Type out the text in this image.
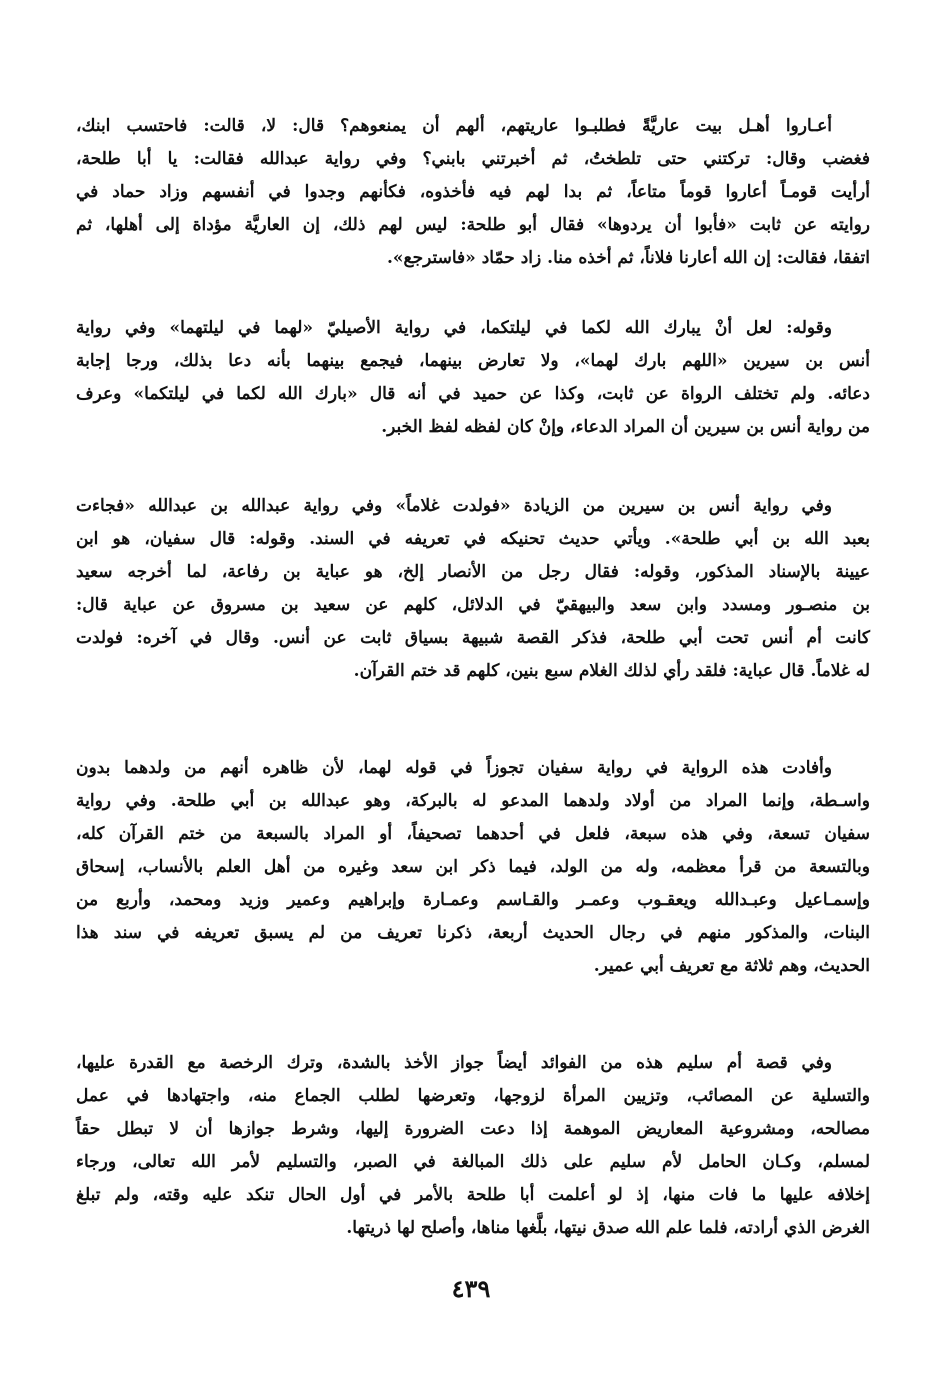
أعـاروا أهـل بيت عاريَّةً فطلبـوا عاريتهم، ألهم أن يمنعوهم؟ قال: لا، قالت: فاحتسب ابنك،
فغضب وقال: تركتني حتى تلطختُ، ثم أخبرتني بابني؟ وفي رواية عبدالله فقالت: يا أبا طلحة،
أرأيت قومـاً أعاروا قوماً متاعاً، ثم بدا لهم فيه فأخذوه، فكأنهم وجدوا في أنفسهم وزاد حماد في
روايته عن ثابت «فأبوا أن يردوها» فقال أبو طلحة: ليس لهم ذلك، إن العاريَّة مؤداة إلى أهلها، ثم
اتفقا، فقالت: إن الله أعارنا فلاناً، ثم أخذه منا. زاد حمّاد «فاسترجع».
وقوله: لعل أنْ يبارك الله لكما في ليلتكما، في رواية الأصيليّ «لهما في ليلتهما» وفي رواية
أنس بن سيرين «اللهم بارك لهما»، ولا تعارض بينهما، فيجمع بينهما بأنه دعا بذلك، ورجا إجابة
دعائه. ولم تختلف الرواة عن ثابت، وكذا عن حميد في أنه قال «بارك الله لكما في ليلتكما» وعرف
من رواية أنس بن سيرين أن المراد الدعاء، وإنْ كان لفظه لفظ الخبر.
وفي رواية أنس بن سيرين من الزيادة «فولدت غلاماً» وفي رواية عبدالله بن عبدالله «فجاءت
بعبد الله بن أبي طلحة». ويأتي حديث تحنيكه في تعريفه في السند. وقوله: قال سفيان، هو ابن
عيينة بالإسناد المذكور، وقوله: فقال رجل من الأنصار إلخ، هو عباية بن رفاعة، لما أخرجه سعيد
بن منصـور ومسدد وابن سعد والبيهقيّ في الدلائل، كلهم عن سعيد بن مسروق عن عباية قال:
كانت أم أنس تحت أبي طلحة، فذكر القصة شبيهة بسياق ثابت عن أنس. وقال في آخره: فولدت
له غلاماً. قال عباية: فلقد رأي لذلك الغلام سبع بنين، كلهم قد ختم القرآن.
وأفادت هذه الرواية في رواية سفيان تجوزاً في قوله لهما، لأن ظاهره أنهم من ولدهما بدون
واسـطة، وإنما المراد من أولاد ولدهما المدعو له بالبركة، وهو عبدالله بن أبي طلحة. وفي رواية
سفيان تسعة، وفي هذه سبعة، فلعل في أحدهما تصحيفاً، أو المراد بالسبعة من ختم القرآن كله،
وبالتسعة من قرأ معظمه، وله من الولد، فيما ذكر ابن سعد وغيره من أهل العلم بالأنساب، إسحاق
وإسمـاعيل وعبـدالله ويعقـوب وعمـر والقـاسم وعمـارة وإبراهيم وعمير وزيد ومحمد، وأربع من
البنات، والمذكور منهم في رجال الحديث أربعة، ذكرنا تعريف من لم يسبق تعريفه في سند هذا
الحديث، وهم ثلاثة مع تعريف أبي عمير.
وفي قصة أم سليم هذه من الفوائد أيضاً جواز الأخذ بالشدة، وترك الرخصة مع القدرة عليها،
والتسلية عن المصائب، وتزيين المرأة لزوجها، وتعرضها لطلب الجماع منه، واجتهادها في عمل
مصالحه، ومشروعية المعاريض الموهمة إذا دعت الضرورة إليها، وشرط جوازها أن لا تبطل حقاً
لمسلم، وكـان الحامل لأم سليم على ذلك المبالغة في الصبر، والتسليم لأمر الله تعالى، ورجاء
إخلافه عليها ما فات منها، إذ لو أعلمت أبا طلحة بالأمر في أول الحال تنكد عليه وقته، ولم تبلغ
الغرض الذي أرادته، فلما علم الله صدق نيتها، بلَّغها مناها، وأصلح لها ذريتها.
٤٣٩
